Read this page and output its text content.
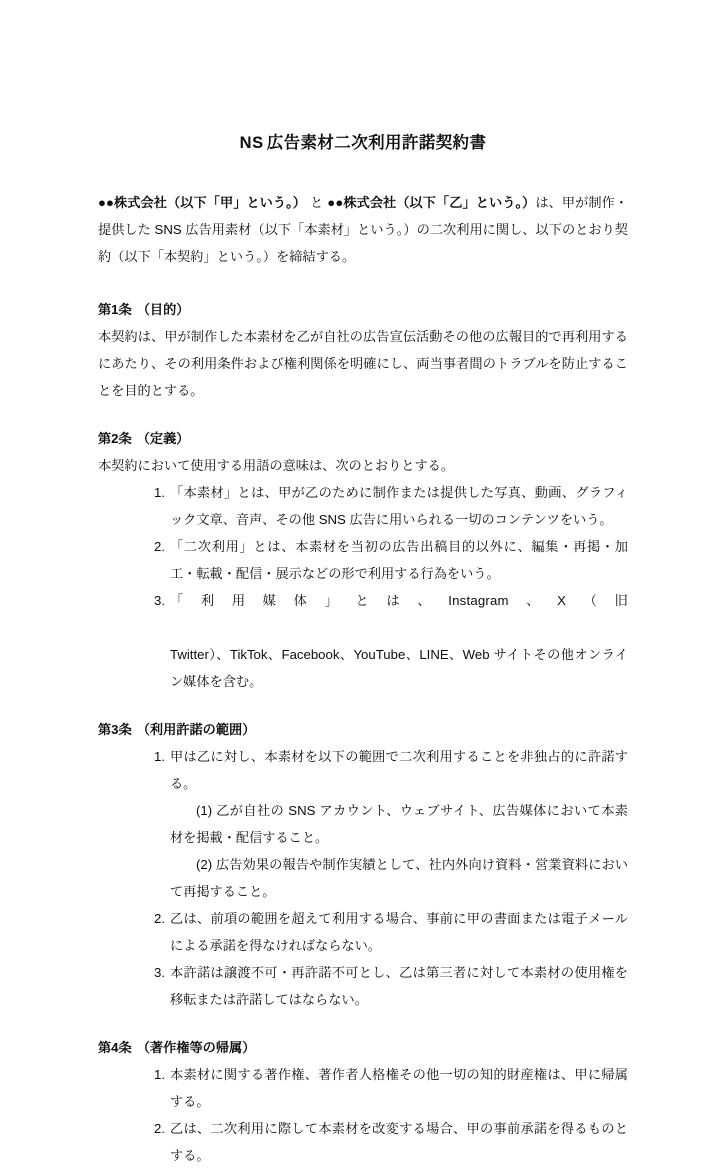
NS 広告素材二次利用許諾契約書

●●株式会社（以下「甲」という。） と ●●株式会社（以下「乙」という。）は、甲が制作・提供した SNS 広告用素材（以下「本素材」という。）の二次利用に関し、以下のとおり契約（以下「本契約」という。）を締結する。

第1条 （目的）

本契約は、甲が制作した本素材を乙が自社の広告宣伝活動その他の広報目的で再利用するにあたり、その利用条件および権利関係を明確にし、両当事者間のトラブルを防止することを目的とする。

第2条 （定義）

本契約において使用する用語の意味は、次のとおりとする。

1. 「本素材」とは、甲が乙のために制作または提供した写真、動画、グラフィック文章、音声、その他 SNS 広告に用いられる一切のコンテンツをいう。
2. 「二次利用」とは、本素材を当初の広告出稿目的以外に、編集・再掲・加工・転載・配信・展示などの形で利用する行為をいう。
3. 「利用媒体」とは、Instagram、X（旧
Twitter）、TikTok、Facebook、YouTube、LINE、Web サイトその他オンライン媒体を含む。
第3条 （利用許諾の範囲）
1. 甲は乙に対し、本素材を以下の範囲で二次利用することを非独占的に許諾する。
(1) 乙が自社の SNS アカウント、ウェブサイト、広告媒体において本素材を掲載・配信すること。
(2) 広告効果の報告や制作実績として、社内外向け資料・営業資料において再掲すること。
2. 乙は、前項の範囲を超えて利用する場合、事前に甲の書面または電子メールによる承諾を得なければならない。
3. 本許諾は譲渡不可・再許諾不可とし、乙は第三者に対して本素材の使用権を移転または許諾してはならない。
第4条 （著作権等の帰属）
1. 本素材に関する著作権、著作者人格権その他一切の知的財産権は、甲に帰属する。
2. 乙は、二次利用に際して本素材を改変する場合、甲の事前承諾を得るものとする。
